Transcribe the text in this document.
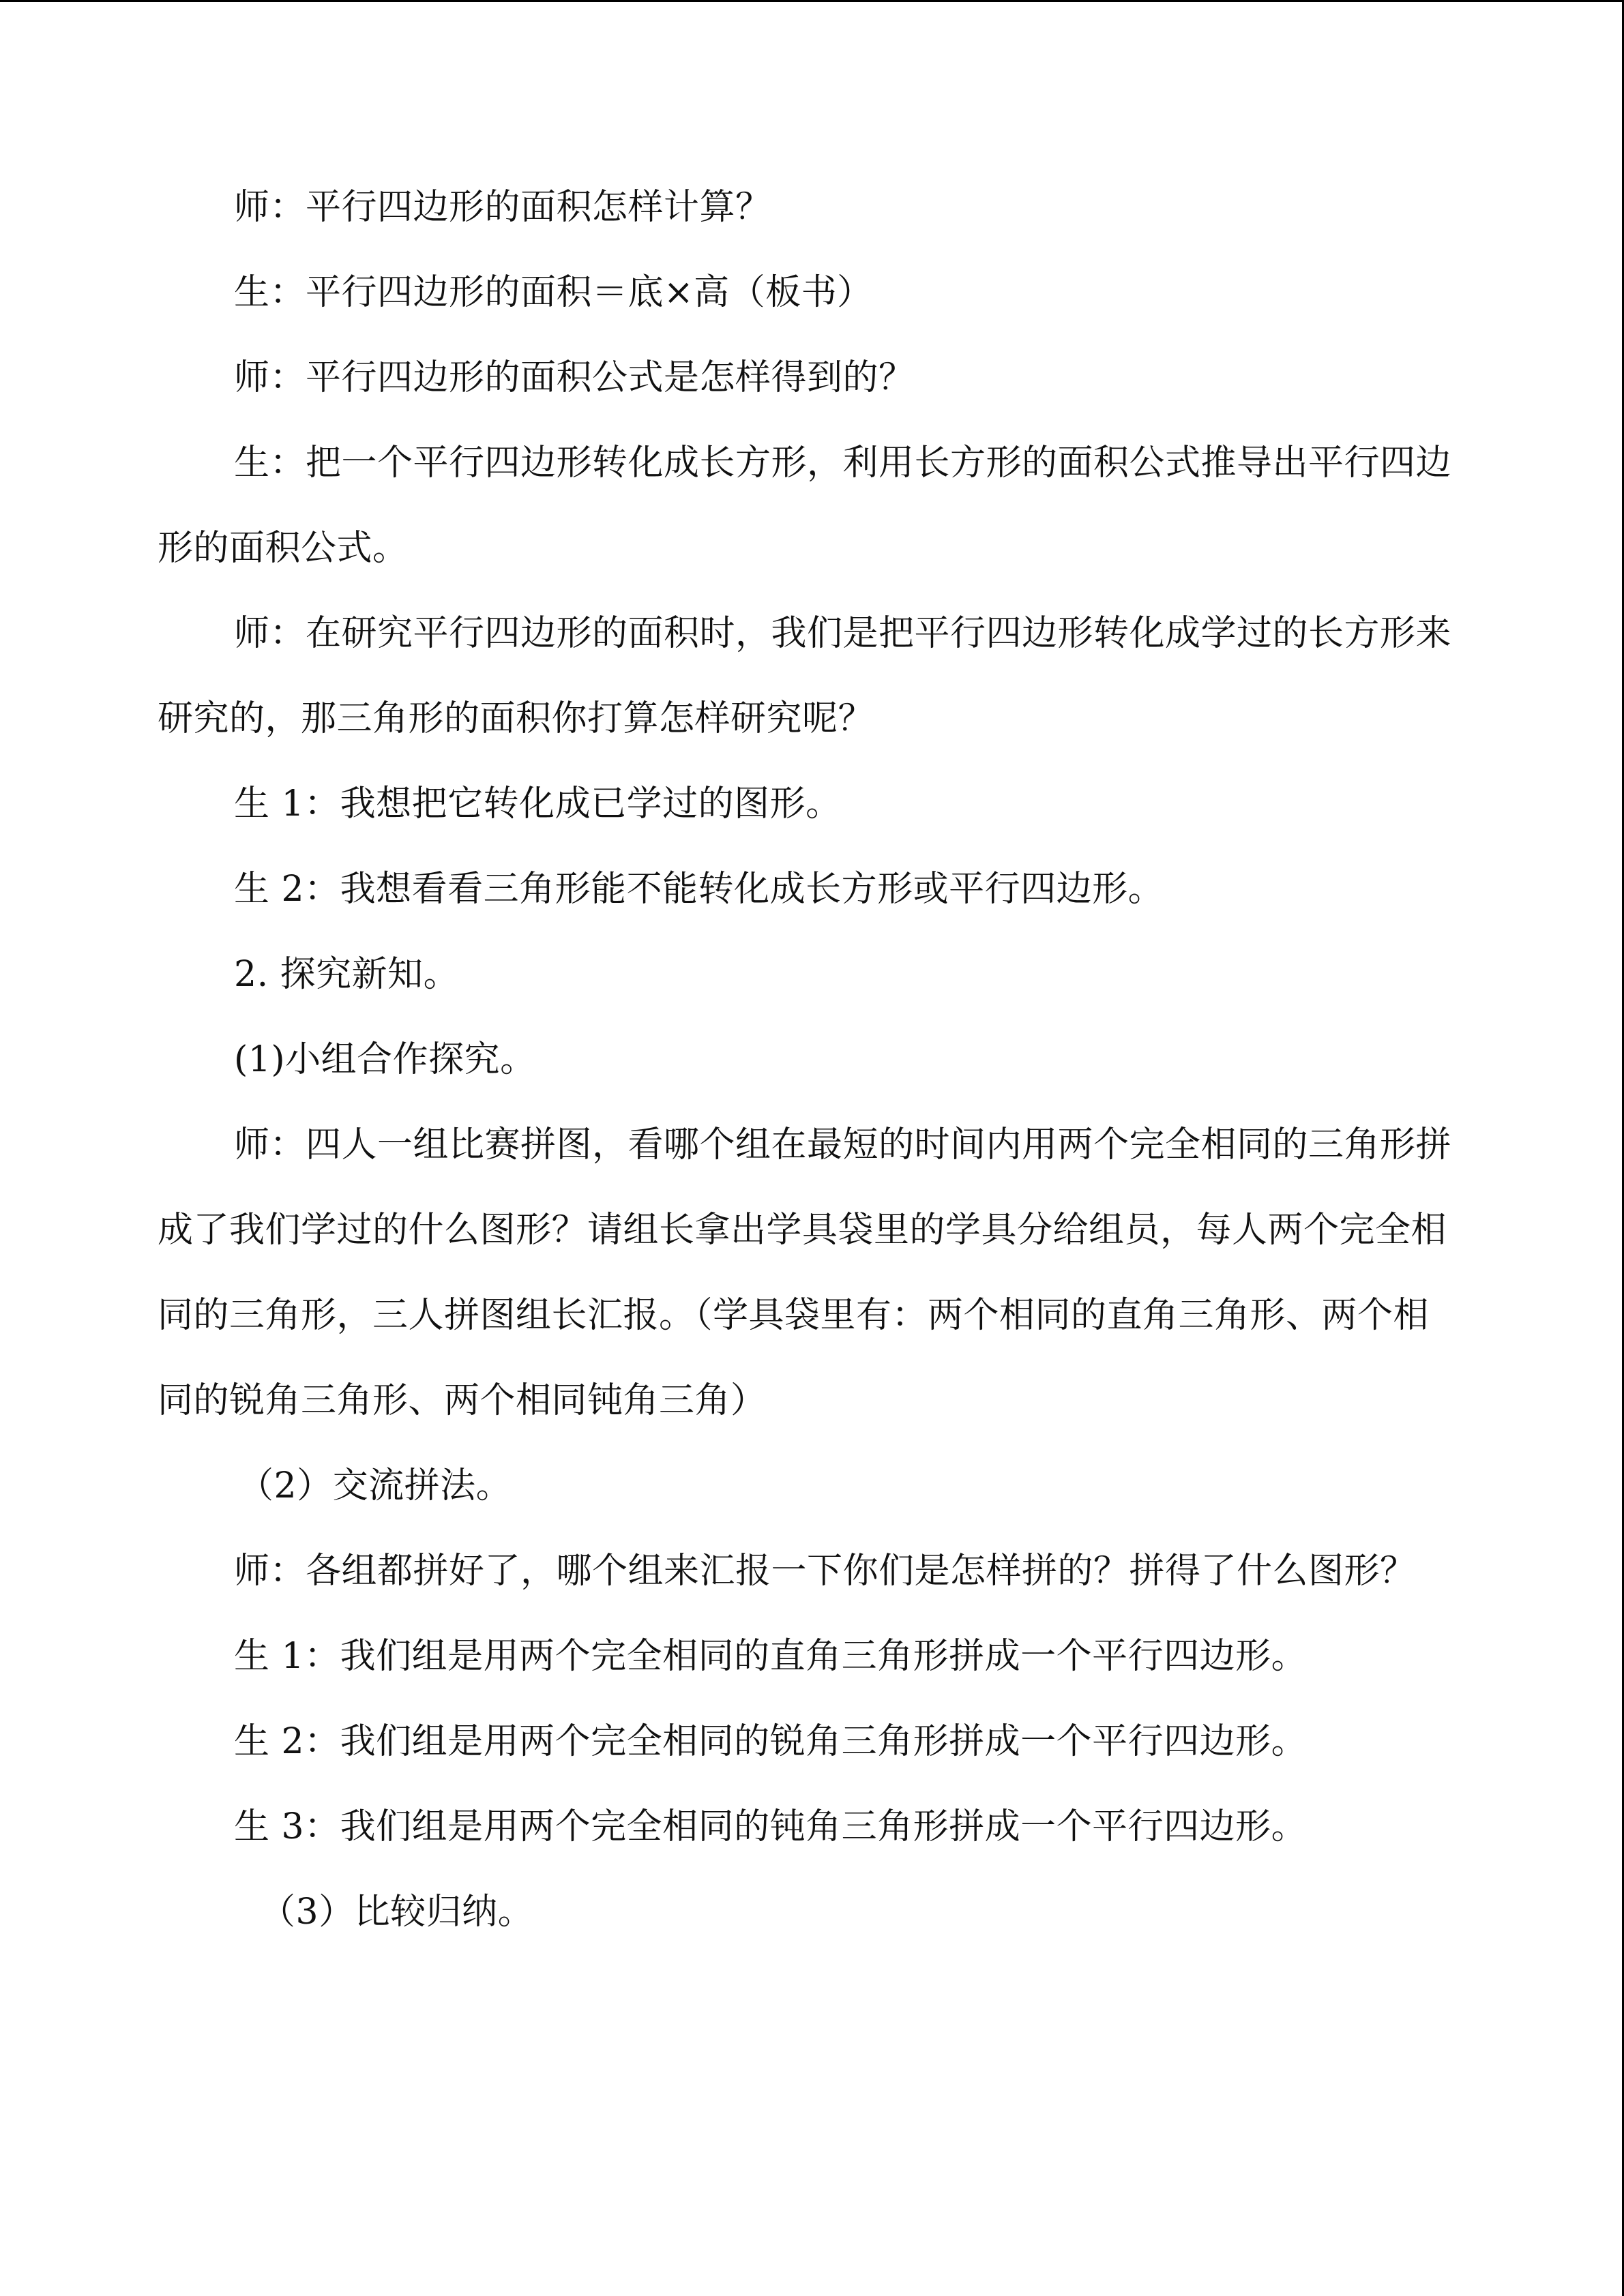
师：平行四边形的面积怎样计算？

生：平行四边形的面积＝底×高（板书）

师：平行四边形的面积公式是怎样得到的？

生：把一个平行四边形转化成长方形，利用长方形的面积公式推导出平行四边形的面积公式。

师：在研究平行四边形的面积时，我们是把平行四边形转化成学过的长方形来研究的，那三角形的面积你打算怎样研究呢？

生 1：我想把它转化成已学过的图形。

生 2：我想看看三角形能不能转化成长方形或平行四边形。

2. 探究新知。

(1)小组合作探究。

师：四人一组比赛拼图，看哪个组在最短的时间内用两个完全相同的三角形拼成了我们学过的什么图形？请组长拿出学具袋里的学具分给组员，每人两个完全相同的三角形，三人拼图组长汇报。（学具袋里有：两个相同的直角三角形、两个相同的锐角三角形、两个相同钝角三角）

（2）交流拼法。

师：各组都拼好了，哪个组来汇报一下你们是怎样拼的？拼得了什么图形？

生 1：我们组是用两个完全相同的直角三角形拼成一个平行四边形。

生 2：我们组是用两个完全相同的锐角三角形拼成一个平行四边形。

生 3：我们组是用两个完全相同的钝角三角形拼成一个平行四边形。

（3）比较归纳。
